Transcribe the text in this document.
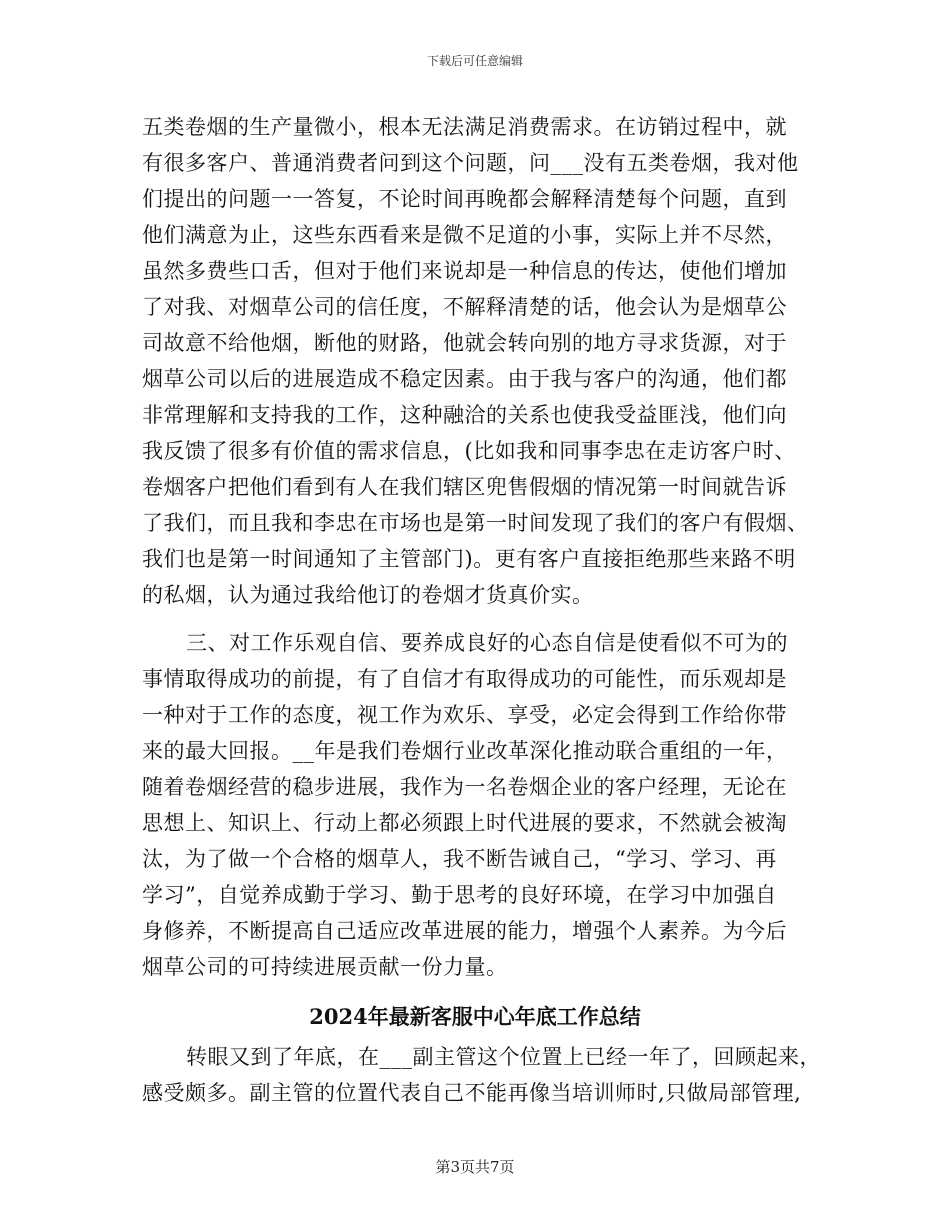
下载后可任意编辑
五类卷烟的生产量微小，根本无法满足消费需求。在访销过程中，就
有很多客户、普通消费者问到这个问题，问___没有五类卷烟，我对他
们提出的问题一一答复，不论时间再晚都会解释清楚每个问题，直到
他们满意为止，这些东西看来是微不足道的小事，实际上并不尽然，
虽然多费些口舌，但对于他们来说却是一种信息的传达，使他们增加
了对我、对烟草公司的信任度，不解释清楚的话，他会认为是烟草公
司故意不给他烟，断他的财路，他就会转向别的地方寻求货源，对于
烟草公司以后的进展造成不稳定因素。由于我与客户的沟通，他们都
非常理解和支持我的工作，这种融洽的关系也使我受益匪浅，他们向
我反馈了很多有价值的需求信息，(比如我和同事李忠在走访客户时、
卷烟客户把他们看到有人在我们辖区兜售假烟的情况第一时间就告诉
了我们，而且我和李忠在市场也是第一时间发现了我们的客户有假烟、
我们也是第一时间通知了主管部门)。更有客户直接拒绝那些来路不明
的私烟，认为通过我给他订的卷烟才货真价实。
三、对工作乐观自信、要养成良好的心态自信是使看似不可为的
事情取得成功的前提，有了自信才有取得成功的可能性，而乐观却是
一种对于工作的态度，视工作为欢乐、享受，必定会得到工作给你带
来的最大回报。__年是我们卷烟行业改革深化推动联合重组的一年，
随着卷烟经营的稳步进展，我作为一名卷烟企业的客户经理，无论在
思想上、知识上、行动上都必须跟上时代进展的要求，不然就会被淘
汰，为了做一个合格的烟草人，我不断告诫自己，“学习、学习、再
学习”，自觉养成勤于学习、勤于思考的良好环境，在学习中加强自
身修养，不断提高自己适应改革进展的能力，增强个人素养。为今后
烟草公司的可持续进展贡献一份力量。
2024年最新客服中心年底工作总结
转眼又到了年底，在___副主管这个位置上已经一年了，回顾起来，
感受颇多。副主管的位置代表自己不能再像当培训师时,只做局部管理,
第3页共7页
